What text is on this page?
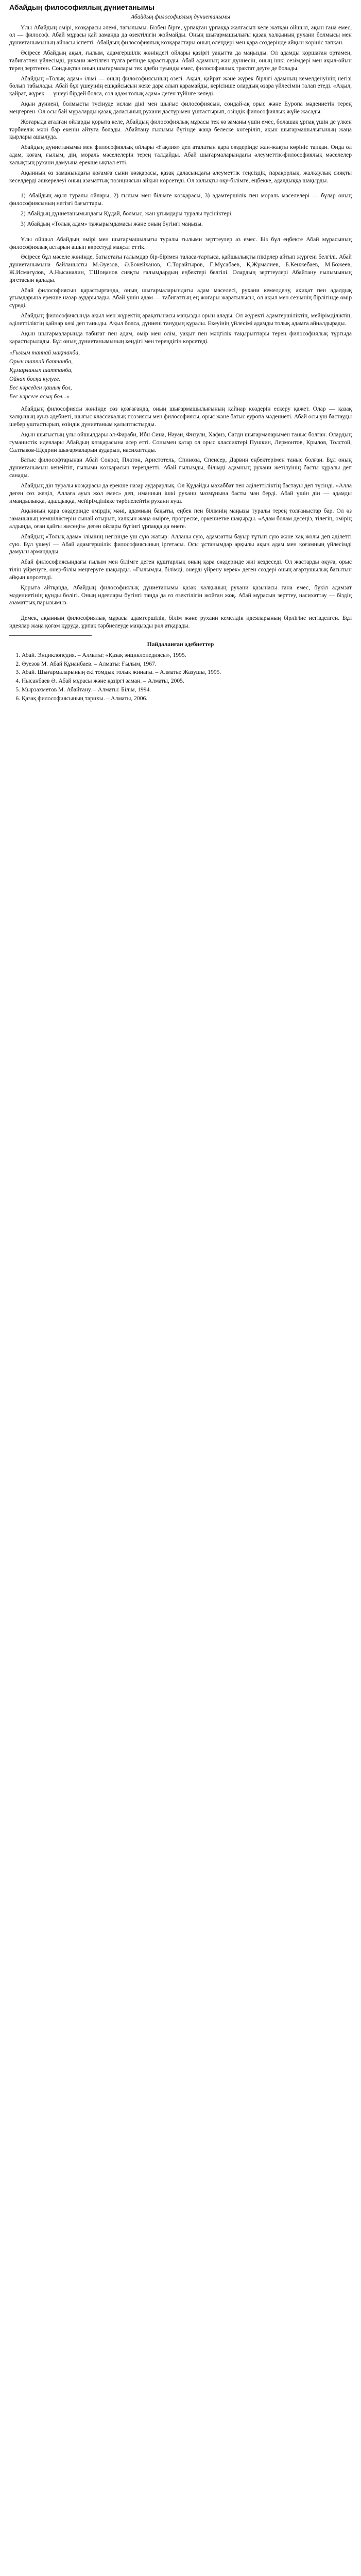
Абайдың философиялық дүниетанымы
Абайдың философиялық дүниетанымы

Ұлы Абайдың өмірі, көзқарасы әлемі, тағылымы. Бізбен бірге, ұрпақтан ұрпаққа жалғасып келе жатқан ойшыл, ақын ғана емес, ол — философ. Абай мұрасы қай заманда да өзектілігін жоймайды. Оның шығармашылығы қазақ халқының рухани болмысы мен дүниетанымының айнасы іспетті. Абайдың философиялық көзқарастары оның өлеңдері мен қара сөздерінде айқын көрініс тапқан.

Әсіресе Абайдың ақыл, ғылым, адамгершілік жөніндегі ойлары қазіргі уақытта да маңызды. Ол адамды қоршаған ортамен, табиғатпен үйлесімді, рухани жетілген тұлға ретінде қарастырды. Абай адамның жан дүниесін, оның ішкі сезімдері мен ақыл-ойын терең зерттеген. Сондықтан оның шығармалары тек әдеби туынды емес, философиялық трактат деуге де болады.

Абайдың «Толық адам» ілімі — оның философиясының өзегі. Ақыл, қайрат және жүрек бірлігі адамның кемелденуінің негізі болып табылады. Абай бұл үшеуінің ешқайсысын жеке дара алып қарамайды, керісінше олардың өзара үйлесімін талап етеді. «Ақыл, қайрат, жүрек — үшеуі бірдей болса, сол адам толық адам» деген түйінге келеді.

Ақын дүниені, болмысты түсінуде ислам діні мен шығыс философиясын, сондай-ақ орыс және Еуропа мәдениетін терең меңгерген. Ол осы бай мұраларды қазақ даласының рухани дәстүрімен ұштастырып, өзіндік философиялық жүйе жасады.

Жоғарыда аталған ойларды қорыта келе, Абайдың философиялық мұрасы тек өз заманы үшін емес, болашақ ұрпақ үшін де үлкен тәрбиелік мәні бар екенін айтуға болады. Абайтану ғылымы бүгінде жаңа белеске көтеріліп, ақын шығармашылығының жаңа қырлары ашылуда.

Абайдың дүниетанымы мен философиялық ойлары «Ғақлия» деп аталатын қара сөздерінде жан-жақты көрініс тапқан. Онда ол адам, қоғам, ғылым, дін, мораль мәселелерін терең талдайды. Абай шығармаларындағы әлеуметтік-философиялық мәселелер халықтың рухани дамуына ерекше ықпал етті.

Ақынның өз заманындағы қоғамға сыни көзқарасы, қазақ даласындағы әлеуметтік теңсіздік, парақорлық, жалқаулық сияқты кеселдерді әшкерелеуі оның азаматтық позициясын айқын көрсетеді. Ол халықты оқу-білімге, еңбекке, адалдыққа шақырды.

1) Абайдың ақыл туралы ойлары, 2) ғылым мен білімге көзқарасы, 3) адамгершілік пен мораль мәселелері — бұлар оның философиясының негізгі бағыттары.

2) Абайдың дүниетанымындағы Құдай, болмыс, жан ұғымдары туралы түсініктері.

3) Абайдың «Толық адам» тұжырымдамасы және оның бүгінгі маңызы.

Ұлы ойшыл Абайдың өмірі мен шығармашылығы туралы ғылыми зерттеулер аз емес. Біз бұл еңбекте Абай мұрасының философиялық астарын ашып көрсетуді мақсат еттік.

Әсіресе бұл мәселе жөнінде, батыстағы ғалымдар бір-бірімен таласа-тартыса, қайшылықты пікірлер айтып жүргені белгілі. Абай дүниетанымына байланысты М.Әуезов, Ә.Бөкейханов, С.Торайғыров, Ғ.Мұсабаев, Қ.Жұмалиев, Б.Кенжебаев, М.Бөжеев, Ж.Исмағұлов, А.Нысаналин, Т.Шоңанов сияқты ғалымдардың еңбектері белгілі. Олардың зерттеулері Абайтану ғылымының іргетасын қалады.

Абай философиясын қарастырғанда, оның шығармаларындағы адам мәселесі, рухани кемелдену, ақиқат пен адалдық ұғымдарына ерекше назар аударылады. Абай үшін адам — табиғаттың ең жоғары жаратылысы, ол ақыл мен сезімнің бірлігінде өмір сүреді.

Абайдың философиясында ақыл мен жүректің арақатынасы маңызды орын алады. Ол жүректі адамгершіліктің, мейірімділіктің, әділеттіліктің қайнар көзі деп таныды. Ақыл болса, дүниені танудың құралы. Екеуінің үйлесімі адамды толық адамға айналдырады.

Ақын шығармаларында табиғат пен адам, өмір мен өлім, уақыт пен мәңгілік тақырыптары терең философиялық тұрғыда қарастырылады. Бұл оның дүниетанымының кеңдігі мен тереңдігін көрсетеді.

«Ғылым таппай мақтанба,
Орын таппай баптанба,
Құмарланып шаттанба,
Ойнап босқа күлуге.
Бес нәрседен қашық бол,
Бес нәрсеге асық бол...»

Абайдың философиясы жөнінде сөз қозғағанда, оның шығармашылығының қайнар көздерін ескеру қажет. Олар — қазақ халқының ауыз әдебиеті, шығыс классикалық поэзиясы мен философиясы, орыс және батыс еуропа мәдениеті. Абай осы үш бастауды шебер ұштастырып, өзіндік дүниетаным қалыптастырды.

Ақын шығыстың ұлы ойшылдары әл-Фараби, Ибн Сина, Науаи, Физули, Хафиз, Сағди шығармаларымен таныс болған. Олардың гуманистік идеялары Абайдың көзқарасына әсер етті. Сонымен қатар ол орыс классиктері Пушкин, Лермонтов, Крылов, Толстой, Салтыков-Щедрин шығармаларын аударып, насихаттады.

Батыс философтарынан Абай Сократ, Платон, Аристотель, Спиноза, Спенсер, Дарвин еңбектерімен таныс болған. Бұл оның дүниетанымын кеңейтіп, ғылыми көзқарасын тереңдетті. Абай ғылымды, білімді адамның рухани жетілуінің басты құралы деп санады.

Абайдың дін туралы көзқарасы да ерекше назар аударарлық. Ол Құдайды махаббат пен әділеттіліктің бастауы деп түсінді. «Алла деген сөз жеңіл, Аллаға ауыз жол емес» деп, иманның ішкі рухани мазмұнына басты мән берді. Абай үшін дін — адамды имандылыққа, адалдыққа, мейірімділікке тәрбиелейтін рухани күш.

Ақынның қара сөздерінде өмірдің мәні, адамның бақыты, еңбек пен білімнің маңызы туралы терең толғаныстар бар. Ол өз заманының кемшіліктерін сынай отырып, халқын жаңа өмірге, прогреске, өркениетке шақырды. «Адам болам десеңіз, тілегің, өмірің алдыңда, оған қайғы жесеңіз» деген ойлары бүгінгі ұрпаққа да өнеге.

Абайдың «Толық адам» ілімінің негізінде үш сүю жатыр: Алланы сүю, адамзатты бауыр тұтып сүю және хақ жолы деп әділетті сүю. Бұл үшеуі — Абай адамгершілік философиясының іргетасы. Осы ұстанымдар арқылы ақын адам мен қоғамның үйлесімді дамуын армандады.

Абай философиясындағы ғылым мен білімге деген құштарлық оның қара сөздерінде жиі кездеседі. Ол жастарды оқуға, орыс тілін үйренуге, өнер-білім меңгеруге шақырды. «Ғылымды, білімді, өнерді үйрену керек» деген сөздері оның ағартушылық бағытын айқын көрсетеді.

Қорыта айтқанда, Абайдың философиялық дүниетанымы қазақ халқының рухани қазынасы ғана емес, бүкіл адамзат мәдениетінің құнды бөлігі. Оның идеялары бүгінгі таңда да өз өзектілігін жойған жоқ. Абай мұрасын зерттеу, насихаттау — біздің азаматтық парызымыз.

Демек, ақынның философиялық мұрасы адамгершілік, білім және рухани кемелдік идеяларының бірлігіне негізделген. Бұл идеялар жаңа қоғам құруда, ұрпақ тәрбиелеуде маңызды рөл атқарады.

Пайдаланған әдебиеттер
1. Абай. Энциклопедия. – Алматы: «Қазақ энциклопедиясы», 1995.
2. Әуезов М. Абай Құнанбаев. – Алматы: Ғылым, 1967.
3. Абай. Шығармаларының екі томдық толық жинағы. – Алматы: Жазушы, 1995.
4. Нысанбаев Ә. Абай мұрасы және қазіргі заман. – Алматы, 2005.
5. Мырзахметов М. Абайтану. – Алматы: Білім, 1994.
6. Қазақ философиясының тарихы. – Алматы, 2006.
